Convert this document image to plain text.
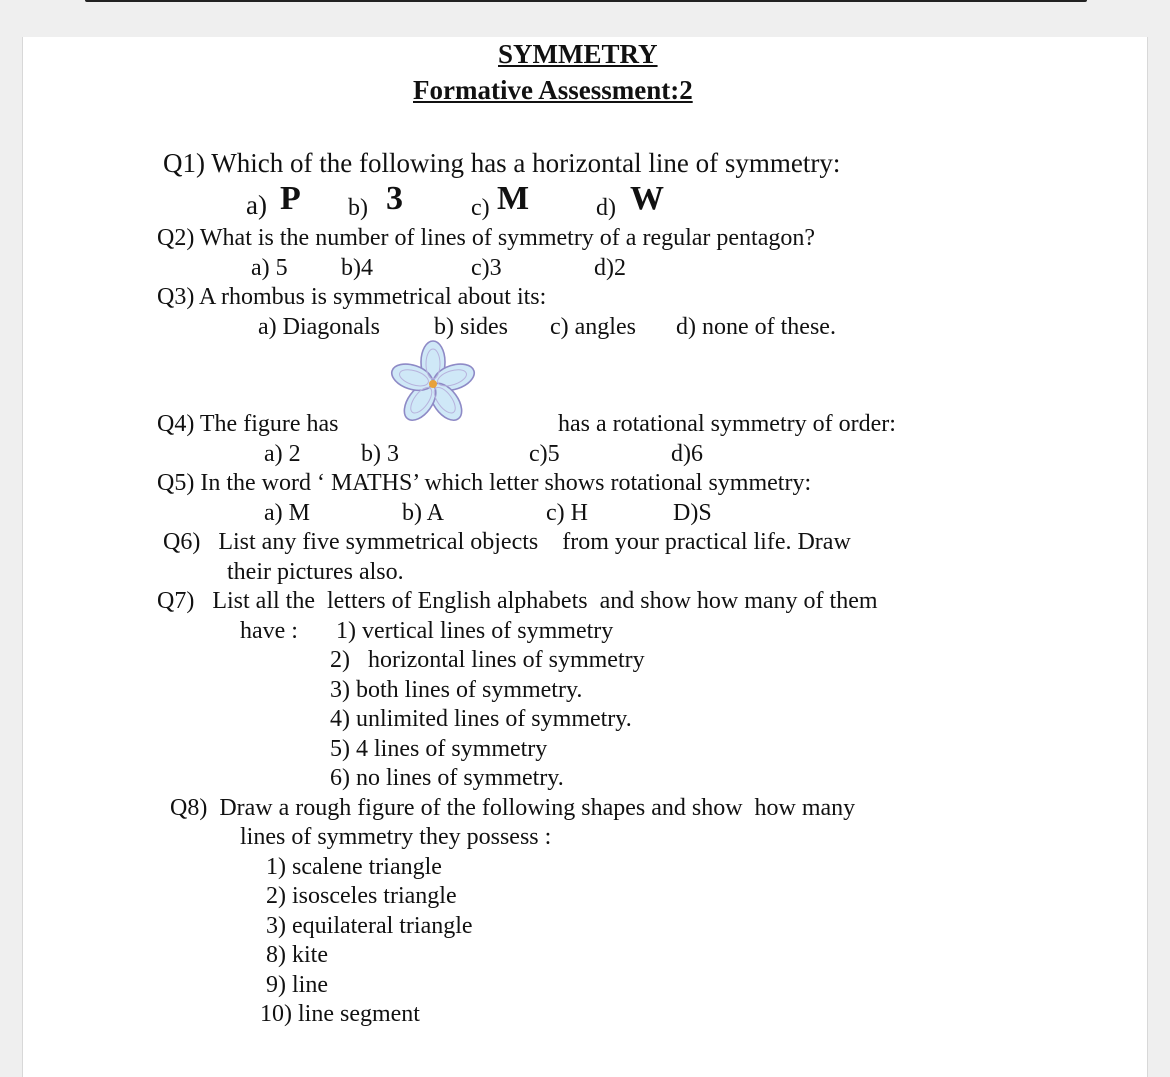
SYMMETRY
Formative Assessment:2
Q1) Which of the following has a horizontal line of symmetry:
a) P b) 3	c) M	d) W
Q2) What is the number of lines of symmetry of a regular pentagon?
a) 5 b)4	c)3	d)2
Q3) A rhombus is symmetrical about its:
a) Diagonals b) sides c) angles d) none of these.
Q4) The figure has	has a rotational symmetry of order:
a) 2	b) 3	c)5	d)6
Q5) In the word ‘ MATHS’ which letter shows rotational symmetry:
a) M	b) A	c) H	D)S
Q6)   List any five symmetrical objects    from your practical life. Draw
their pictures also.
Q7)   List all the  letters of English alphabets  and show how many of them
have : 1) vertical lines of symmetry
2)   horizontal lines of symmetry
3) both lines of symmetry.
4) unlimited lines of symmetry.
5) 4 lines of symmetry
6) no lines of symmetry.
Q8)  Draw a rough figure of the following shapes and show  how many
lines of symmetry they possess :
1) scalene triangle
2) isosceles triangle
3) equilateral triangle
8) kite
9) line
10) line segment
